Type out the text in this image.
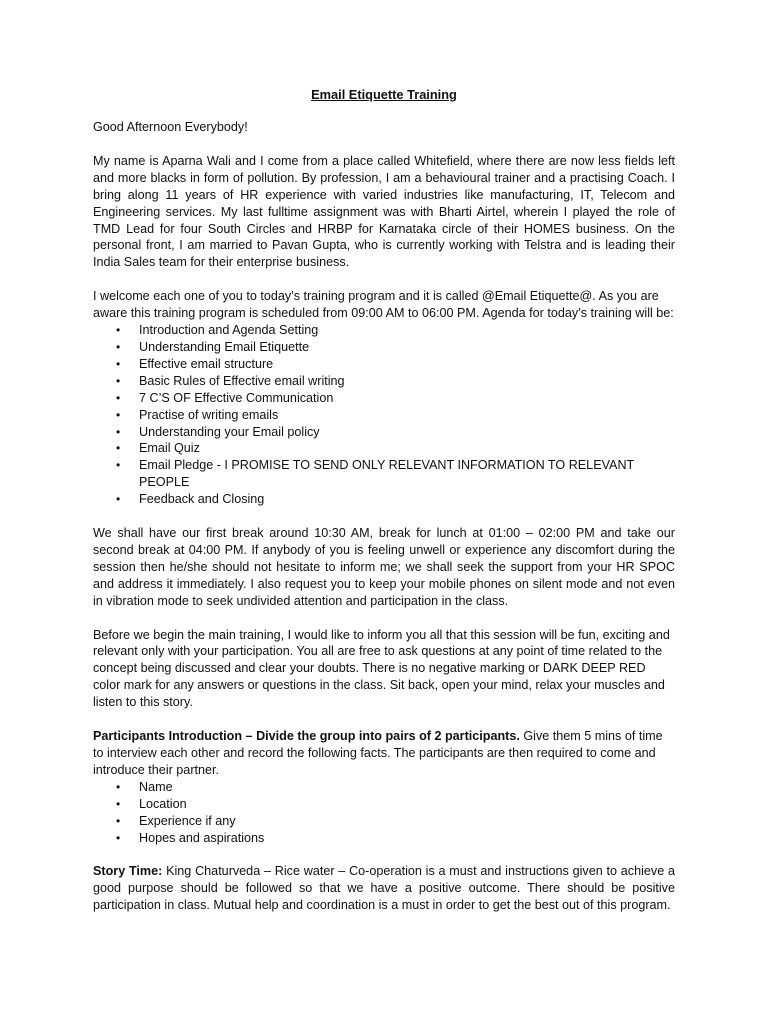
Email Etiquette Training
Good Afternoon Everybody!

My name is Aparna Wali and I come from a place called Whitefield, where there are now less fields left and more blacks in form of pollution. By profession, I am a behavioural trainer and a practising Coach. I bring along 11 years of HR experience with varied industries like manufacturing, IT, Telecom and Engineering services. My last fulltime assignment was with Bharti Airtel, wherein I played the role of TMD Lead for four South Circles and HRBP for Karnataka circle of their HOMES business. On the personal front, I am married to Pavan Gupta, who is currently working with Telstra and is leading their India Sales team for their enterprise business.

I welcome each one of you to today’s training program and it is called @Email Etiquette@. As you are aware this training program is scheduled from 09:00 AM to 06:00 PM. Agenda for today’s training will be:

• Introduction and Agenda Setting
• Understanding Email Etiquette
• Effective email structure
• Basic Rules of Effective email writing
• 7 C’S OF Effective Communication
• Practise of writing emails
• Understanding your Email policy
• Email Quiz
• Email Pledge - I PROMISE TO SEND ONLY RELEVANT INFORMATION TO RELEVANT PEOPLE
• Feedback and Closing

We shall have our first break around 10:30 AM, break for lunch at 01:00 – 02:00 PM and take our second break at 04:00 PM. If anybody of you is feeling unwell or experience any discomfort during the session then he/she should not hesitate to inform me; we shall seek the support from your HR SPOC and address it immediately. I also request you to keep your mobile phones on silent mode and not even in vibration mode to seek undivided attention and participation in the class.

Before we begin the main training, I would like to inform you all that this session will be fun, exciting and relevant only with your participation. You all are free to ask questions at any point of time related to the concept being discussed and clear your doubts. There is no negative marking or DARK DEEP RED color mark for any answers or questions in the class. Sit back, open your mind, relax your muscles and listen to this story.

Participants Introduction – Divide the group into pairs of 2 participants. Give them 5 mins of time to interview each other and record the following facts. The participants are then required to come and introduce their partner.

• Name
• Location
• Experience if any
• Hopes and aspirations

Story Time: King Chaturveda – Rice water – Co-operation is a must and instructions given to achieve a good purpose should be followed so that we have a positive outcome. There should be positive participation in class. Mutual help and coordination is a must in order to get the best out of this program.
